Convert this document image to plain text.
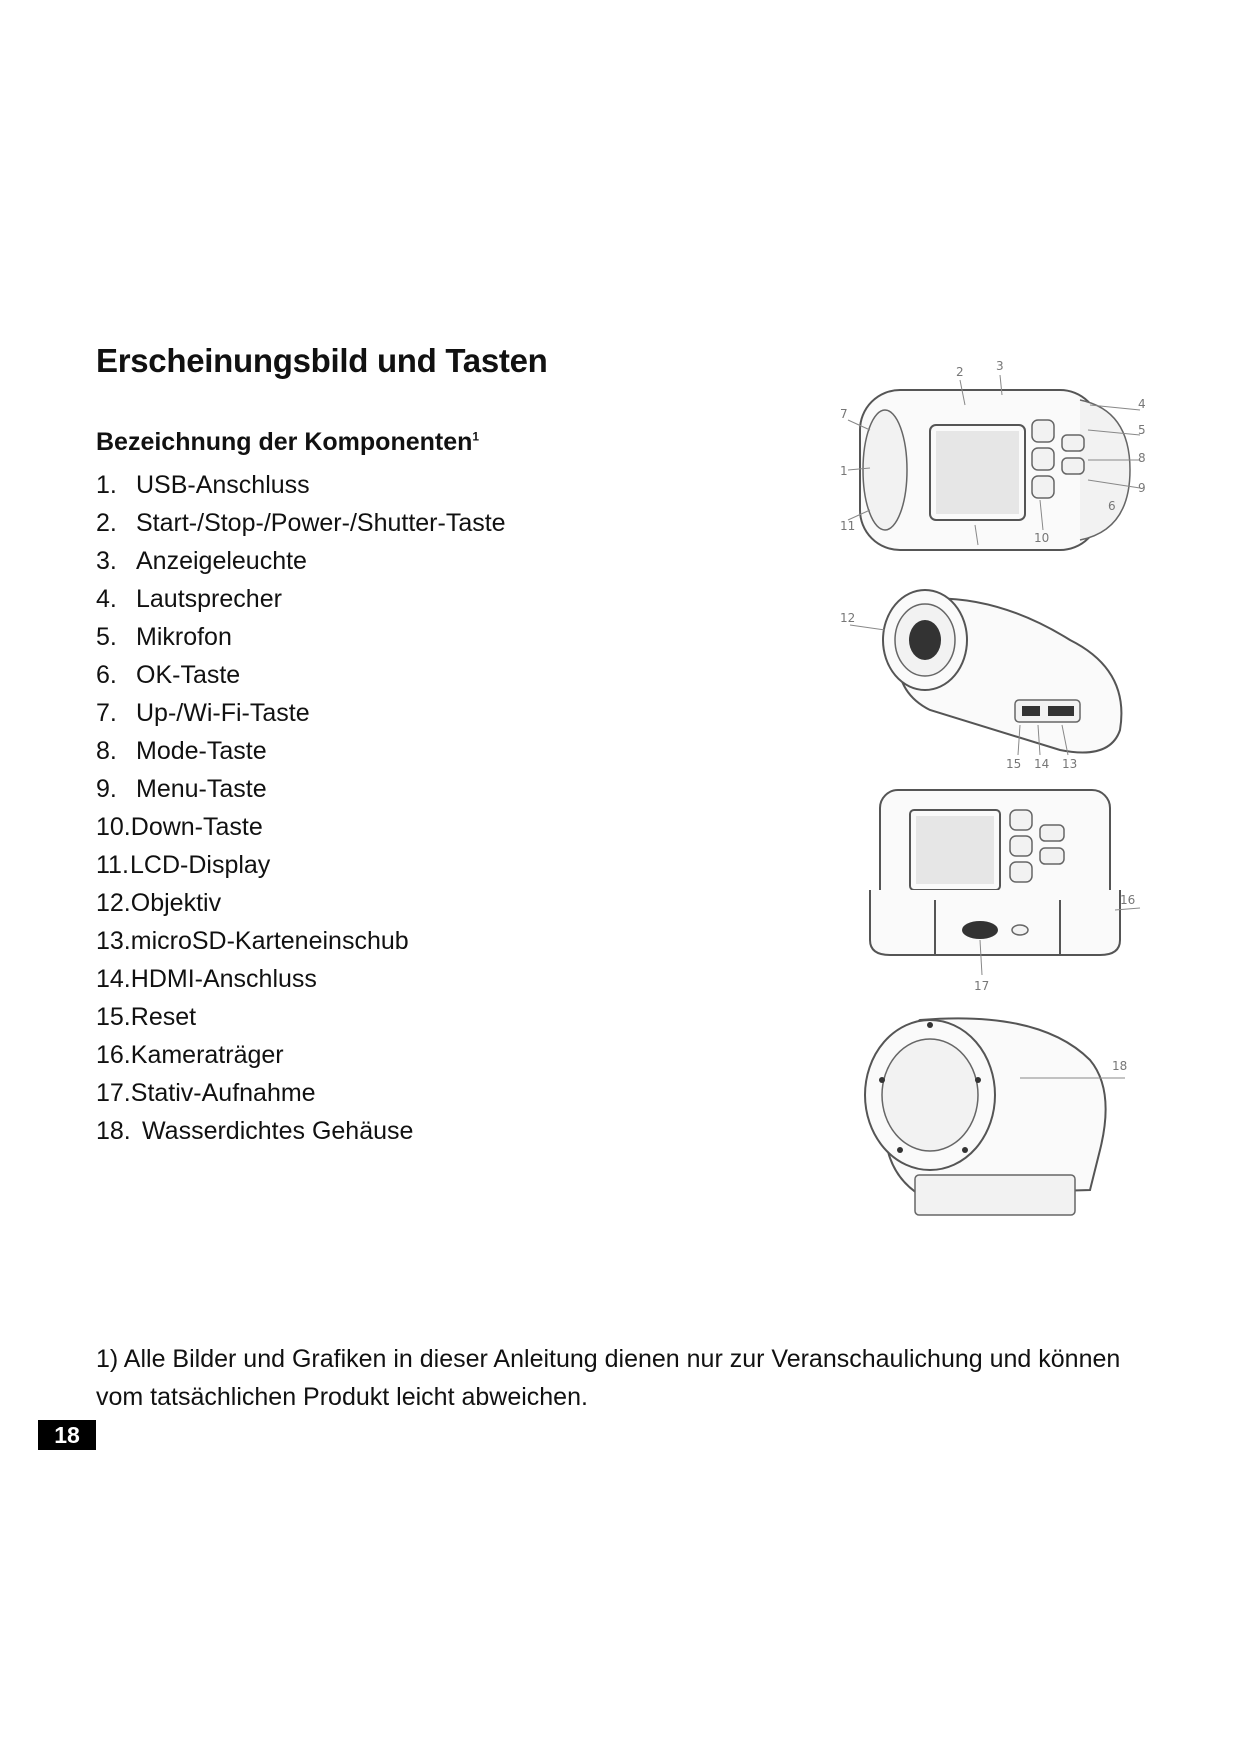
Erscheinungsbild und Tasten
Bezeichnung der Komponenten$^1$
1. USB-Anschluss
2. Start-/Stop-/Power-/Shutter-Taste
3. Anzeigeleuchte
4. Lautsprecher
5. Mikrofon
6. OK-Taste
7. Up-/Wi-Fi-Taste
8. Mode-Taste
9. Menu-Taste
10.Down-Taste
11.LCD-Display
12.Objektiv
13.microSD-Karteneinschub
14.HDMI-Anschluss
15.Reset
16.Kameraträger
17.Stativ-Aufnahme
18. Wasserdichtes Gehäuse
2	3
7
1
11
4
5
8
9
6
10
12
15 14 13
16
17
18

1) Alle Bilder und Grafiken in dieser Anleitung dienen nur zur Veranschaulichung und können vom tatsächlichen Produkt leicht abweichen.

18
